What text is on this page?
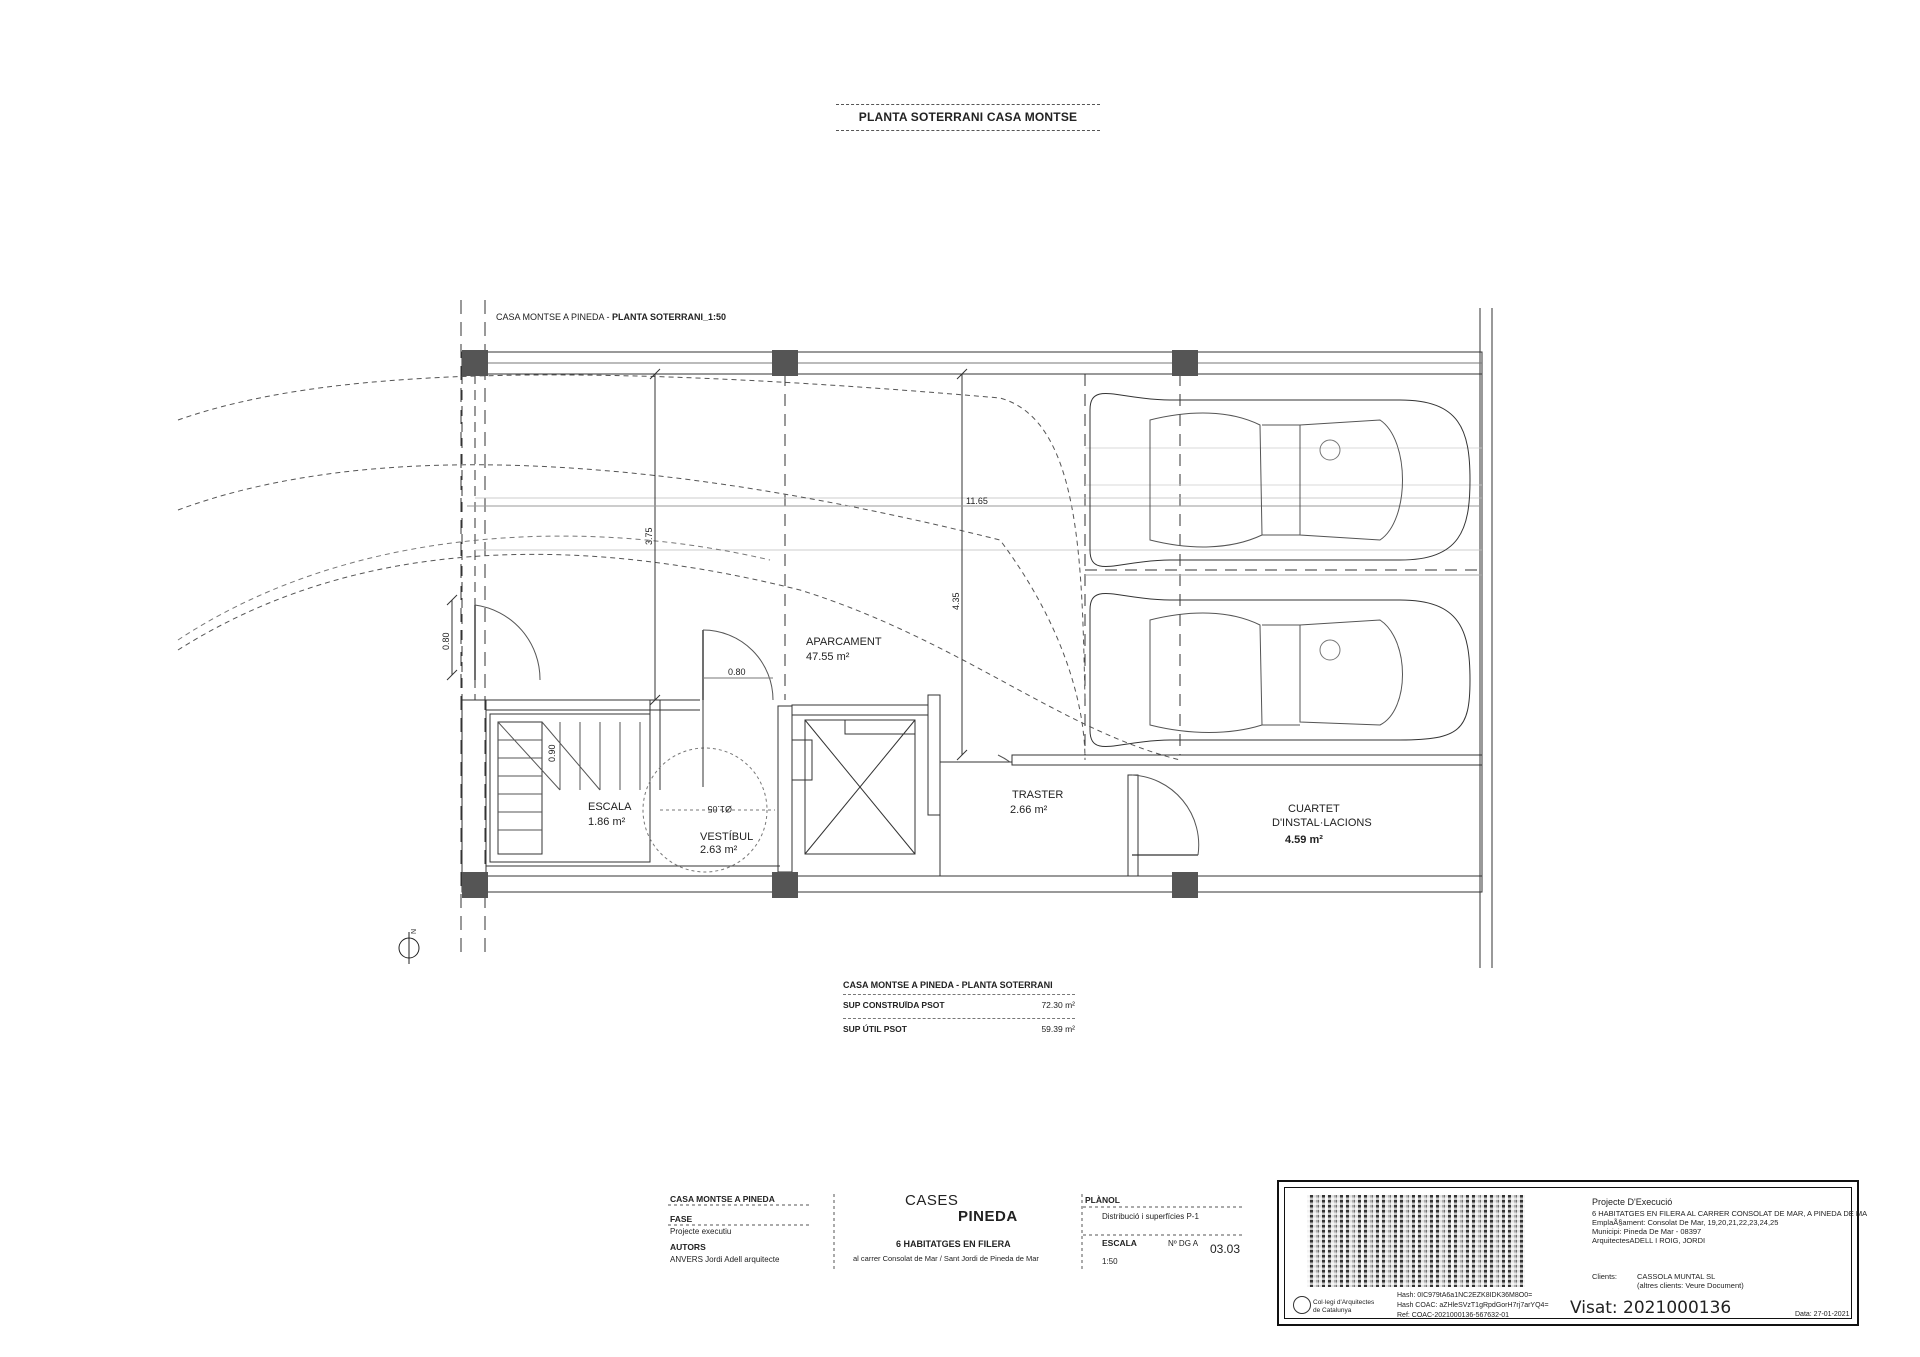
PLANTA SOTERRANI CASA MONTSE
CASA MONTSE A PINEDA - PLANTA SOTERRANI_1:50
APARCAMENT
47.55 m²
ESCALA
1.86 m²
VESTÍBUL
2.63 m²
TRASTER
2.66 m²	CUARTET
D'INSTAL·LACIONS
4.59 m²
3.75
4.35
11.65
0.80
0.80
0.90
Ø1.05
N
CASA MONTSE A PINEDA - PLANTA SOTERRANI
SUP CONSTRUÏDA PSOT	72.30 m²
SUP ÚTIL PSOT	59.39 m²
CASA MONTSE A PINEDA
FASE
Projecte executiu
AUTORS
ANVERS Jordi Adell arquitecte
CASES
PINEDA
6 HABITATGES EN FILERA
al carrer Consolat de Mar / Sant Jordi de Pineda de Mar
PLÀNOL
Distribució i superfícies P-1
ESCALA
1:50
Nº DG A 03.03
Projecte D'Execució
6 HABITATGES EN FILERA AL CARRER CONSOLAT DE MAR, A PINEDA DE MA
EmplaÃ§ament: Consolat De Mar, 19,20,21,22,23,24,25
Municipi: Pineda De Mar - 08397
ArquitectesADELL I ROIG, JORDI
Clients:	CASSOLA MUNTAL SL
(altres clients: Veure Document)
Col·legi d'Arquitectes
de Catalunya
Hash: 0IC979tA6a1NC2EZK8IDK36M8O0=
Hash COAC: aZHleSVzT1gRpdGorH7rj7arYQ4=
Ref: COAC-2021000136-567632-01	Visat: 2021000136	Data: 27-01-2021
